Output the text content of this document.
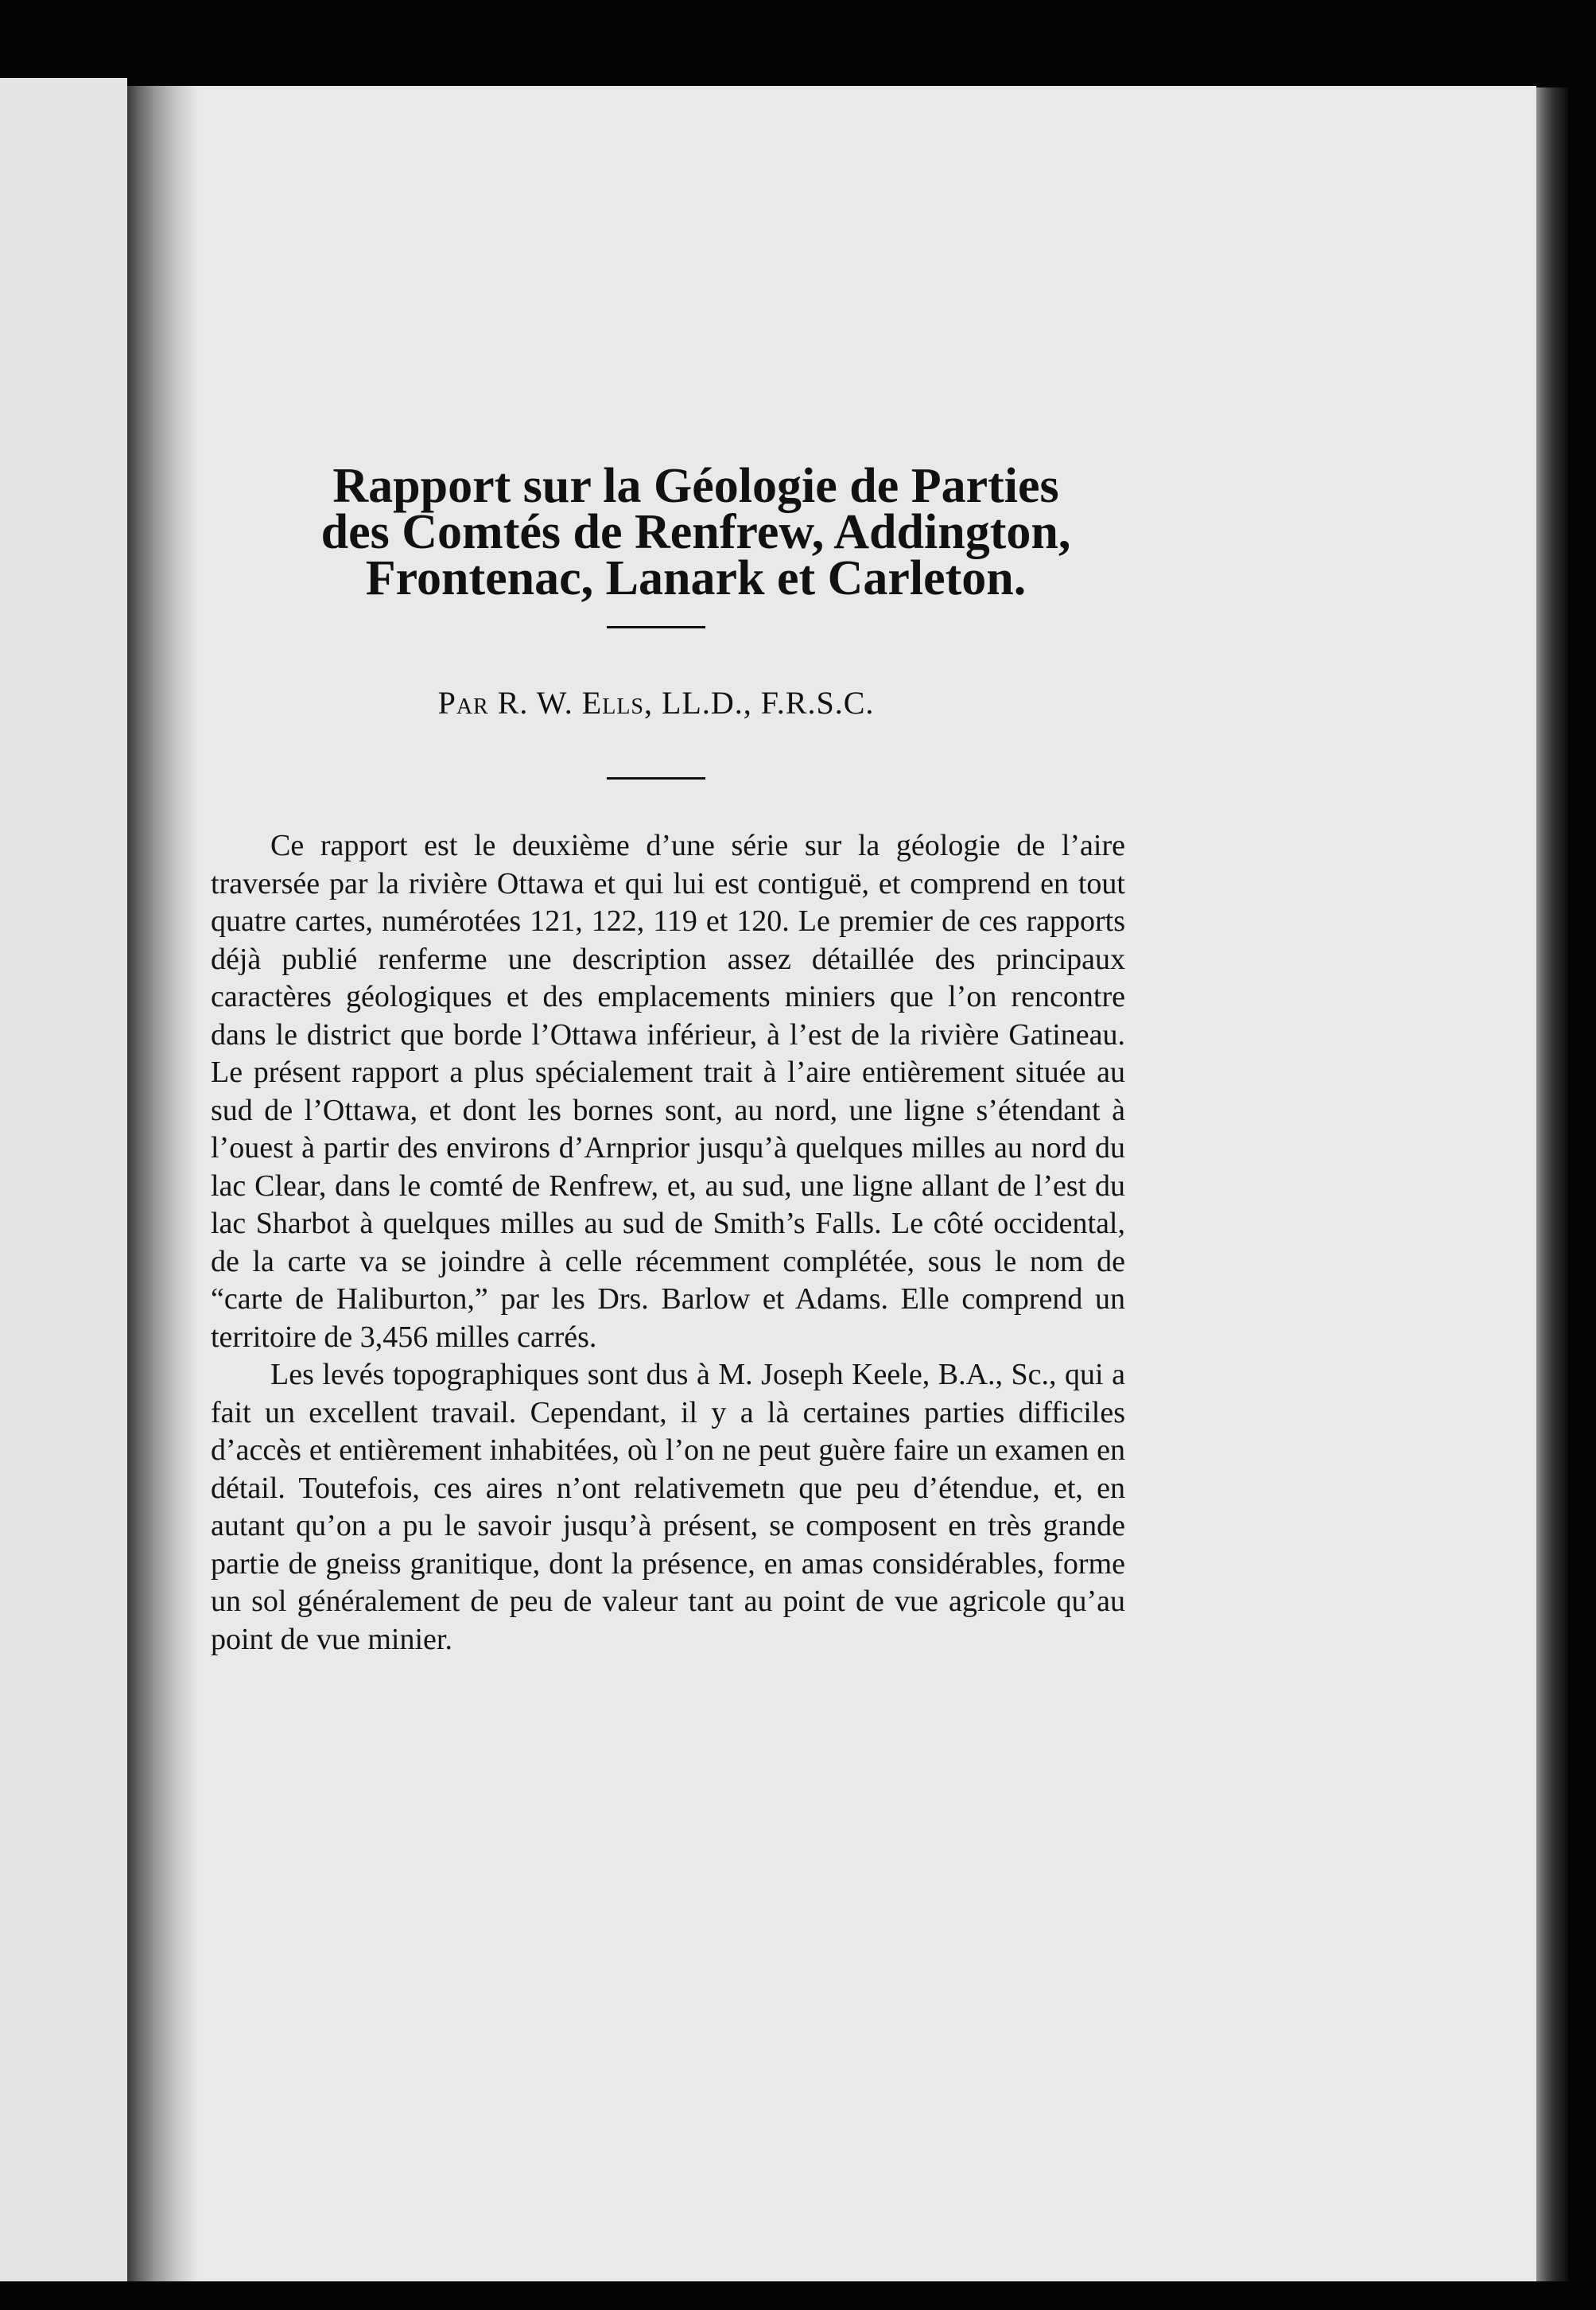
Rapport sur la Géologie de Parties
des Comtés de Renfrew, Addington,
Frontenac, Lanark et Carleton.
Par R. W. Ells, LL.D., F.R.S.C.

Ce rapport est le deuxième d’une série sur la géologie de l’aire traversée par la rivière Ottawa et qui lui est contiguë, et comprend en tout quatre cartes, numérotées 121, 122, 119 et 120. Le premier de ces rapports déjà publié renferme une description assez détaillée des principaux caractères géologiques et des emplacements miniers que l’on rencontre dans le district que borde l’Ottawa inférieur, à l’est de la rivière Gatineau. Le présent rapport a plus spécialement trait à l’aire entièrement située au sud de l’Ottawa, et dont les bornes sont, au nord, une ligne s’étendant à l’ouest à partir des environs d’Arnprior jusqu’à quelques milles au nord du lac Clear, dans le comté de Renfrew, et, au sud, une ligne allant de l’est du lac Sharbot à quelques milles au sud de Smith’s Falls. Le côté occidental, de la carte va se joindre à celle récemment complétée, sous le nom de “carte de Haliburton,” par les Drs. Barlow et Adams. Elle comprend un territoire de 3,456 milles carrés.

Les levés topographiques sont dus à M. Joseph Keele, B.A., Sc., qui a fait un excellent travail. Cependant, il y a là certaines parties difficiles d’accès et entièrement inhabitées, où l’on ne peut guère faire un examen en détail. Toutefois, ces aires n’ont relativemetn que peu d’étendue, et, en autant qu’on a pu le savoir jusqu’à présent, se composent en très grande partie de gneiss granitique, dont la présence, en amas considérables, forme un sol généralement de peu de valeur tant au point de vue agricole qu’au point de vue minier.
